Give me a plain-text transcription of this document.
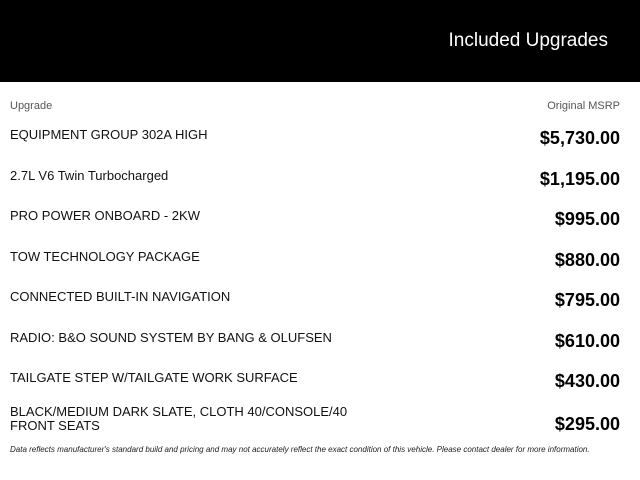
Included Upgrades
Upgrade	Original MSRP
EQUIPMENT GROUP 302A HIGH	$5,730.00
2.7L V6 Twin Turbocharged	$1,195.00
PRO POWER ONBOARD - 2KW	$995.00
TOW TECHNOLOGY PACKAGE	$880.00
CONNECTED BUILT-IN NAVIGATION	$795.00
RADIO: B&O SOUND SYSTEM BY BANG & OLUFSEN	$610.00
TAILGATE STEP W/TAILGATE WORK SURFACE	$430.00
BLACK/MEDIUM DARK SLATE, CLOTH 40/CONSOLE/40 FRONT SEATS	$295.00
Data reflects manufacturer's standard build and pricing and may not accurately reflect the exact condition of this vehicle. Please contact dealer for more information.
